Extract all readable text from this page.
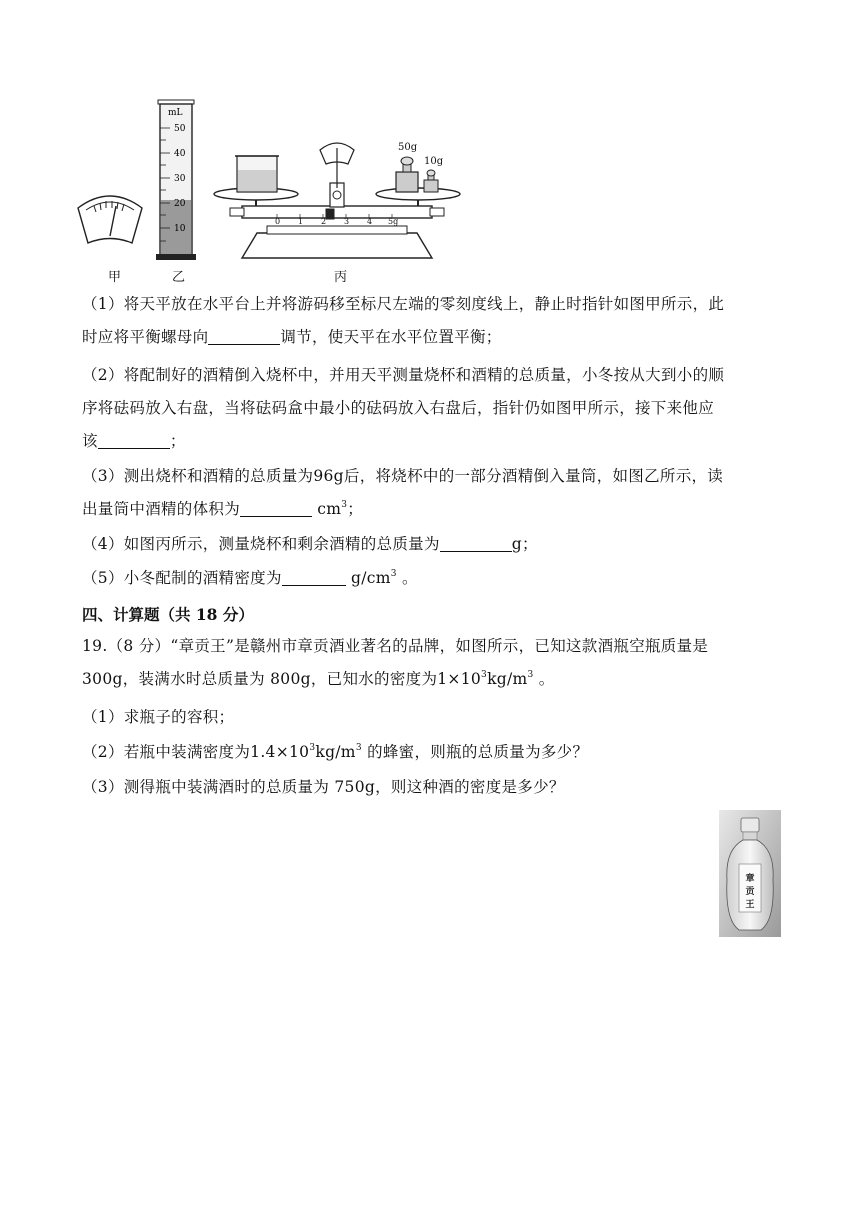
mL
50
40
30
20
10
50g
10g
0 1 2 3 4 5g
甲	乙	丙
（1）将天平放在水平台上并将游码移至标尺左端的零刻度线上，静止时指针如图甲所示，此
时应将平衡螺母向	调节，使天平在水平位置平衡；
（2）将配制好的酒精倒入烧杯中，并用天平测量烧杯和酒精的总质量，小冬按从大到小的顺
序将砝码放入右盘，当将砝码盒中最小的砝码放入右盘后，指针仍如图甲所示，接下来他应
该	；
（3）测出烧杯和酒精的总质量为96g后，将烧杯中的一部分酒精倒入量筒，如图乙所示，读
出量筒中酒精的体积为	$cm^3$；
（4）如图丙所示，测量烧杯和剩余酒精的总质量为	g；
（5）小冬配制的酒精密度为	$g/cm^3$ 。
四、计算题（共 18 分）
19.（8 分）“章贡王”是赣州市章贡酒业著名的品牌，如图所示，已知这款酒瓶空瓶质量是
300g，装满水时总质量为 800g，已知水的密度为$1\times 10^3kg/m^3$ 。
（1）求瓶子的容积；
（2）若瓶中装满密度为$1.4\times 10^3kg/m^3$ 的蜂蜜，则瓶的总质量为多少？
（3）测得瓶中装满酒时的总质量为 750g，则这种酒的密度是多少？
章
贡
王
